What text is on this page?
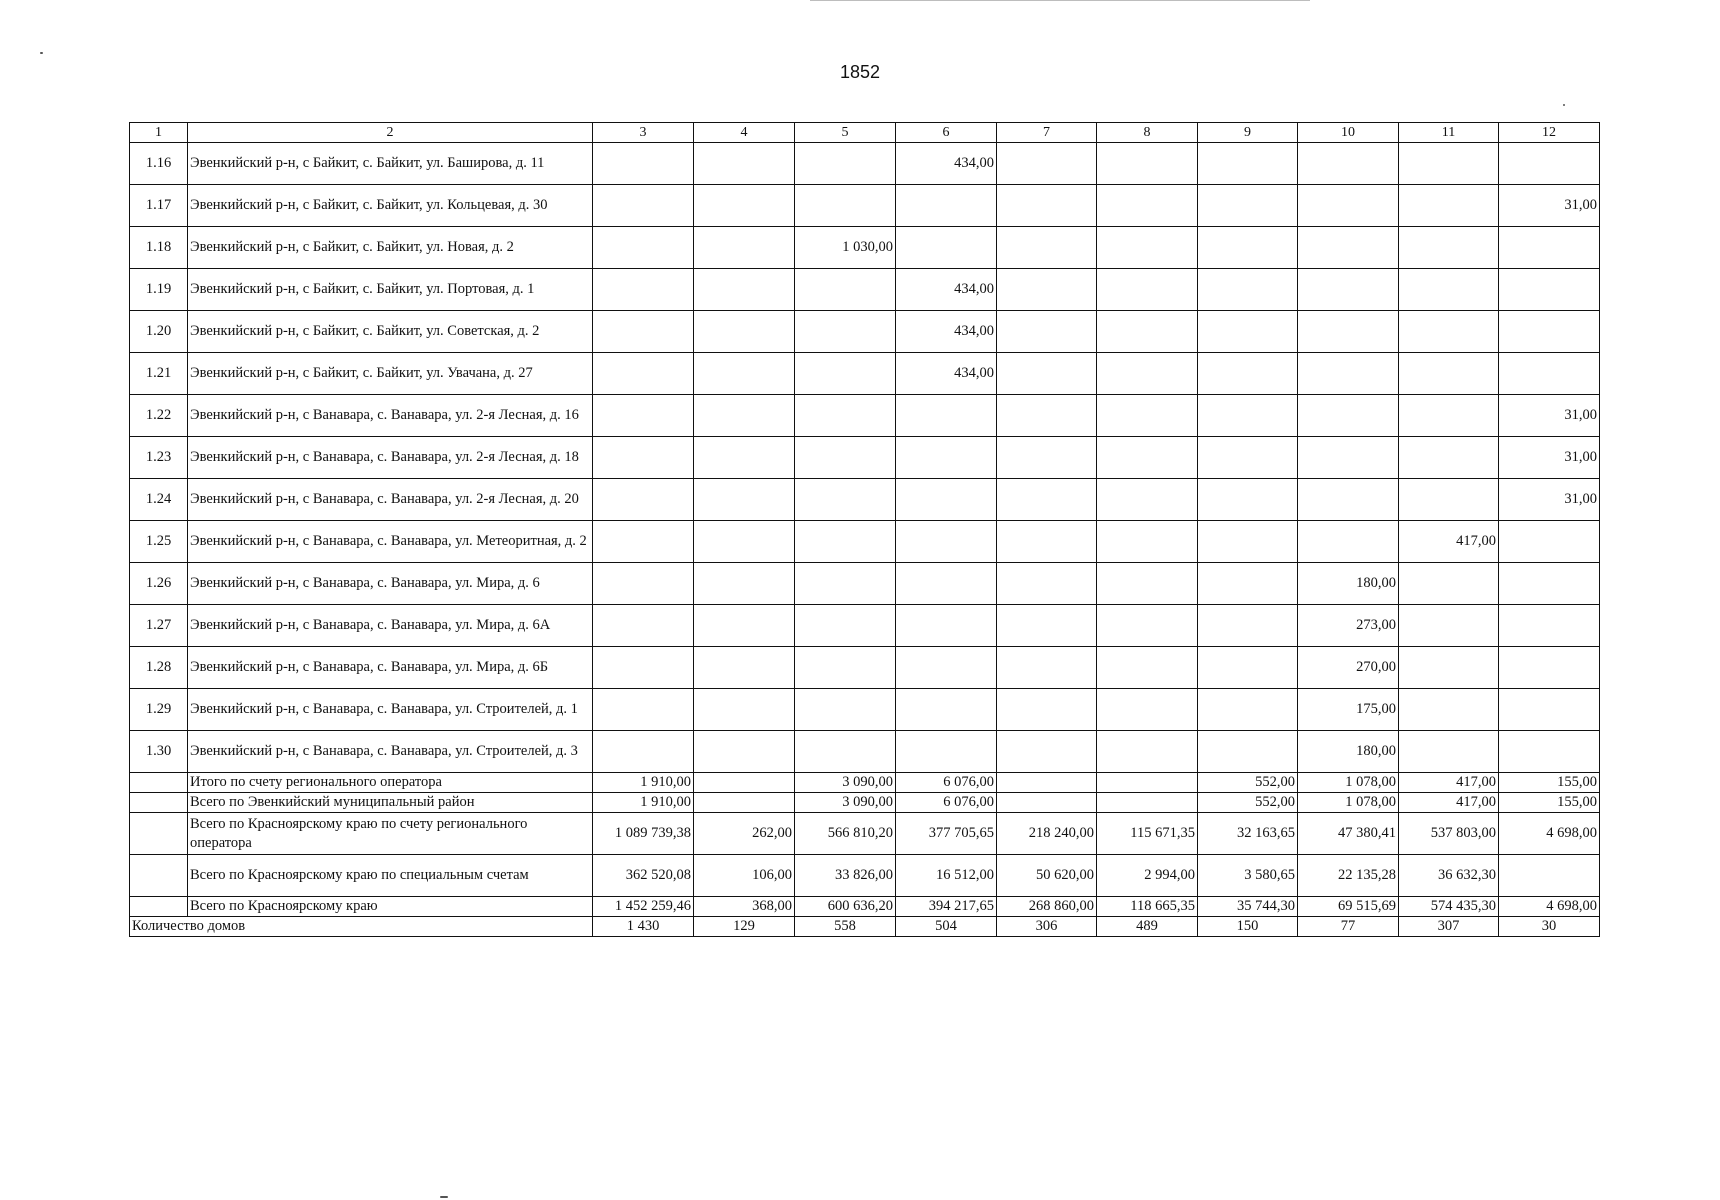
1852
1	2	3	4	5	6	7	8	9	10	11	12
1.16	Эвенкийский р-н, с Байкит, с. Байкит, ул. Баширова, д. 11				434,00						
1.17	Эвенкийский р-н, с Байкит, с. Байкит, ул. Кольцевая, д. 30										31,00
1.18	Эвенкийский р-н, с Байкит, с. Байкит, ул. Новая, д. 2			1 030,00							
1.19	Эвенкийский р-н, с Байкит, с. Байкит, ул. Портовая, д. 1				434,00						
1.20	Эвенкийский р-н, с Байкит, с. Байкит, ул. Советская, д. 2				434,00						
1.21	Эвенкийский р-н, с Байкит, с. Байкит, ул. Увачана, д. 27				434,00						
1.22	Эвенкийский р-н, с Ванавара, с. Ванавара, ул. 2-я Лесная, д. 16										31,00
1.23	Эвенкийский р-н, с Ванавара, с. Ванавара, ул. 2-я Лесная, д. 18										31,00
1.24	Эвенкийский р-н, с Ванавара, с. Ванавара, ул. 2-я Лесная, д. 20										31,00
1.25	Эвенкийский р-н, с Ванавара, с. Ванавара, ул. Метеоритная, д. 2									417,00	
1.26	Эвенкийский р-н, с Ванавара, с. Ванавара, ул. Мира, д. 6								180,00		
1.27	Эвенкийский р-н, с Ванавара, с. Ванавара, ул. Мира, д. 6А								273,00		
1.28	Эвенкийский р-н, с Ванавара, с. Ванавара, ул. Мира, д. 6Б								270,00		
1.29	Эвенкийский р-н, с Ванавара, с. Ванавара, ул. Строителей, д. 1								175,00		
1.30	Эвенкийский р-н, с Ванавара, с. Ванавара, ул. Строителей, д. 3								180,00		
	Итого по счету регионального оператора	1 910,00		3 090,00	6 076,00			552,00	1 078,00	417,00	155,00
	Всего по Эвенкийский муниципальный район	1 910,00		3 090,00	6 076,00			552,00	1 078,00	417,00	155,00
	Всего по Красноярскому краю по счету регионального оператора	1 089 739,38	262,00	566 810,20	377 705,65	218 240,00	115 671,35	32 163,65	47 380,41	537 803,00	4 698,00
	Всего по Красноярскому краю по специальным счетам	362 520,08	106,00	33 826,00	16 512,00	50 620,00	2 994,00	3 580,65	22 135,28	36 632,30	
	Всего по Красноярскому краю	1 452 259,46	368,00	600 636,20	394 217,65	268 860,00	118 665,35	35 744,30	69 515,69	574 435,30	4 698,00
Количество домов		1 430	129	558	504	306	489	150	77	307	30
